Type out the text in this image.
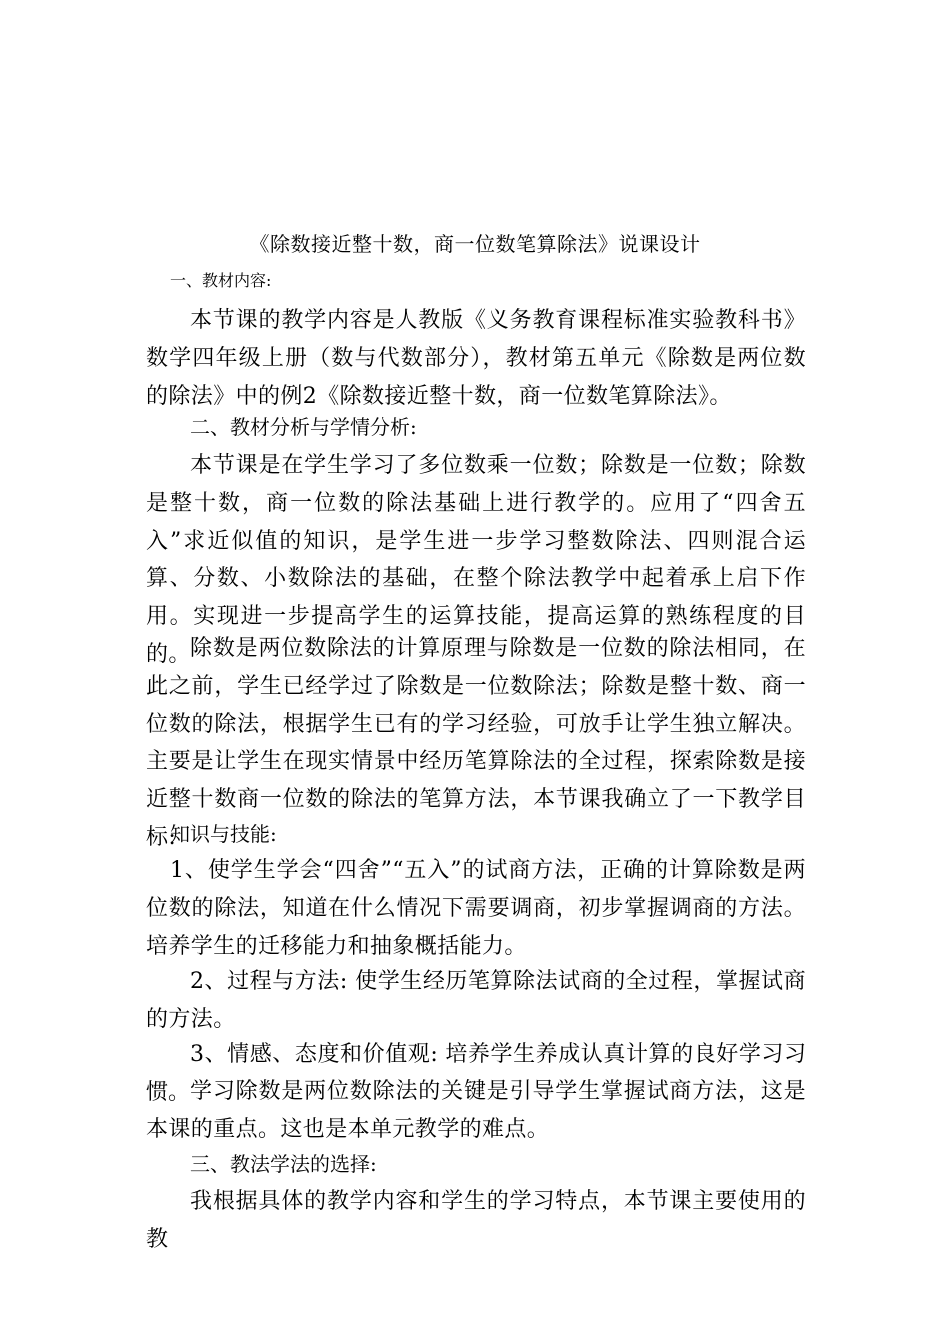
《除数接近整十数，商一位数笔算除法》说课设计
一、教材内容:
本节课的教学内容是人教版《义务教育课程标准实验教科书》数学四年级上册（数与代数部分），教材第五单元《除数是两位数的除法》中的例2《除数接近整十数，商一位数笔算除法》。
二、教材分析与学情分析:
本节课是在学生学习了多位数乘一位数；除数是一位数；除数是整十数，商一位数的除法基础上进行教学的。应用了“四舍五入”求近似值的知识，是学生进一步学习整数除法、四则混合运算、分数、小数除法的基础，在整个除法教学中起着承上启下作用。实现进一步提高学生的运算技能，提高运算的熟练程度的目的。 除数是两位数除法的计算原理与除数是一位数的除法相同，在此之前，学生已经学过了除数是一位数除法；除数是整十数、商一位数的除法，根据学生已有的学习经验，可放手让学生独立解决。主要是让学生在现实情景中经历笔算除法的全过程，探索除数是接近整十数商一位数的除法的笔算方法，本节课我确立了一下教学目标:
知识与技能:
1、使学生学会“四舍”“五入”的试商方法，正确的计算除数是两位数的除法，知道在什么情况下需要调商，初步掌握调商的方法。培养学生的迁移能力和抽象概括能力。
2、过程与方法: 使学生经历笔算除法试商的全过程，掌握试商的方法。
3、情感、态度和价值观: 培养学生养成认真计算的良好学习习惯。 学习除数是两位数除法的关键是引导学生掌握试商方法，这是本课的重点。这也是本单元教学的难点。
三、教法学法的选择:
我根据具体的教学内容和学生的学习特点，本节课主要使用的教
